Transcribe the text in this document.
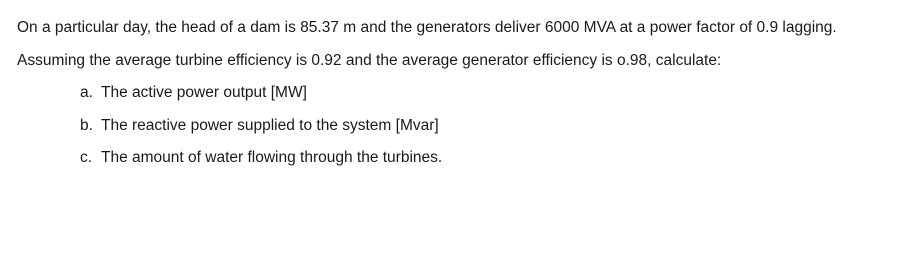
On a particular day, the head of a dam is 85.37 m and the generators deliver 6000 MVA at a power factor of 0.9 lagging. Assuming the average turbine efficiency is 0.92 and the average generator efficiency is o.98, calculate:

a. The active power output [MW]
b. The reactive power supplied to the system [Mvar]
c. The amount of water flowing through the turbines.
